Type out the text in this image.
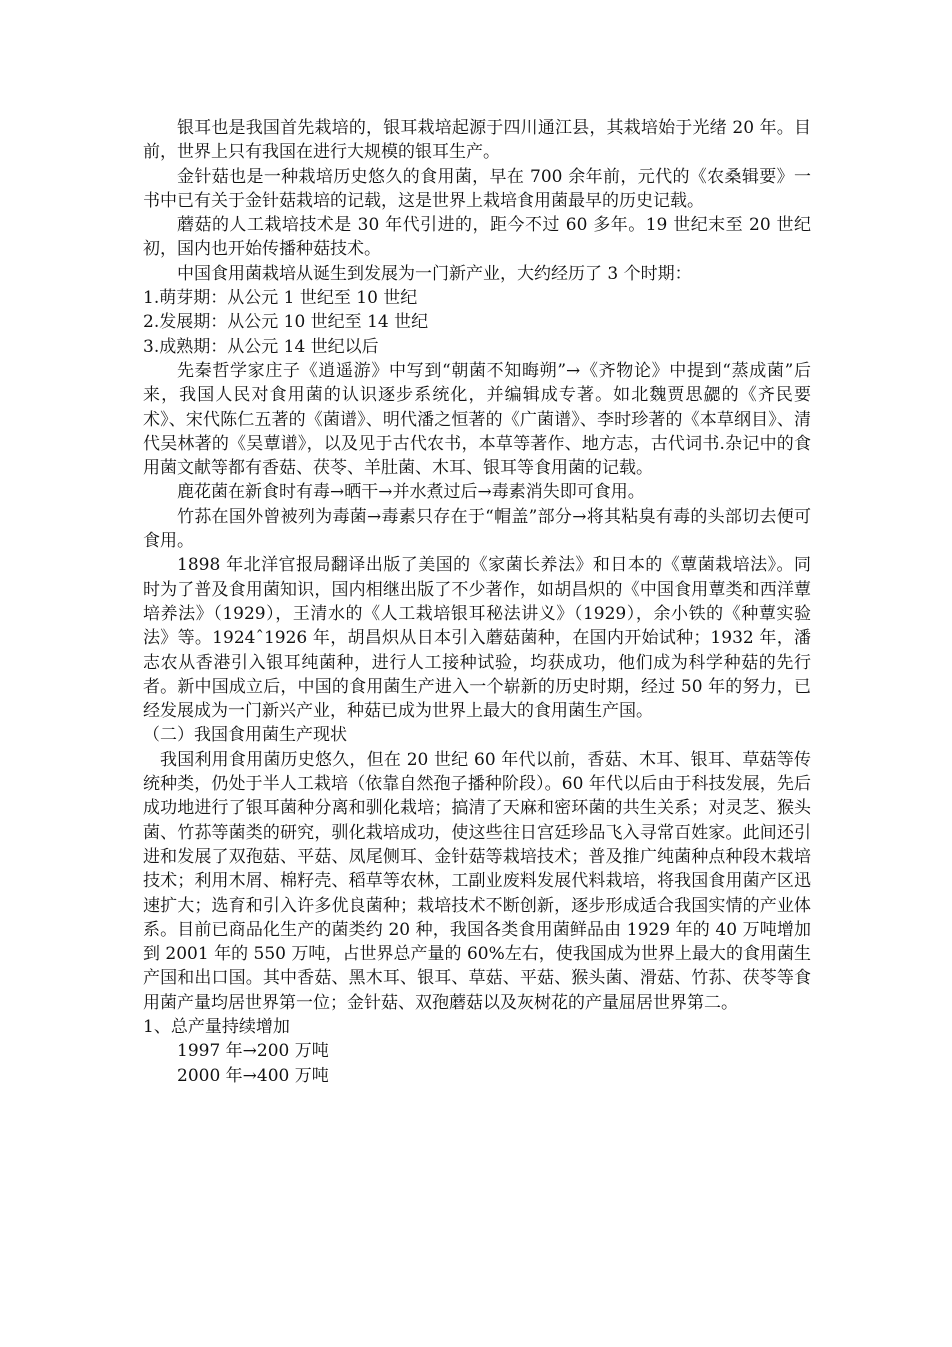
银耳也是我国首先栽培的，银耳栽培起源于四川通江县，其栽培始于光绪 20 年。目前，世界上只有我国在进行大规模的银耳生产。

金针菇也是一种栽培历史悠久的食用菌，早在 700 余年前，元代的《农桑辑要》一书中已有关于金针菇栽培的记载，这是世界上栽培食用菌最早的历史记载。

蘑菇的人工栽培技术是 30 年代引进的，距今不过 60 多年。19 世纪末至 20 世纪初，国内也开始传播种菇技术。

中国食用菌栽培从诞生到发展为一门新产业，大约经历了 3 个时期：

1.萌芽期：从公元 1 世纪至 10 世纪

2.发展期：从公元 10 世纪至 14 世纪

3.成熟期：从公元 14 世纪以后

先秦哲学家庄子《逍遥游》中写到“朝菌不知晦朔”→《齐物论》中提到“蒸成菌”后来，我国人民对食用菌的认识逐步系统化，并编辑成专著。如北魏贾思勰的《齐民要术》、宋代陈仁五著的《菌谱》、明代潘之恒著的《广菌谱》、李时珍著的《本草纲目》、清代吴林著的《吴蕈谱》，以及见于古代农书，本草等著作、地方志，古代词书.杂记中的食用菌文献等都有香菇、茯苓、羊肚菌、木耳、银耳等食用菌的记载。

鹿花菌在新食时有毒→晒干→并水煮过后→毒素消失即可食用。

竹荪在国外曾被列为毒菌→毒素只存在于“帽盖”部分→将其粘臭有毒的头部切去便可食用。

1898 年北洋官报局翻译出版了美国的《家菌长养法》和日本的《蕈菌栽培法》。同时为了普及食用菌知识，国内相继出版了不少著作，如胡昌炽的《中国食用蕈类和西洋蕈培养法》（1929），王清水的《人工栽培银耳秘法讲义》（1929），余小铁的《种蕈实验法》等。1924ˆ1926 年，胡昌炽从日本引入蘑菇菌种，在国内开始试种；1932 年，潘志农从香港引入银耳纯菌种，进行人工接种试验，均获成功，他们成为科学种菇的先行者。新中国成立后，中国的食用菌生产进入一个崭新的历史时期，经过 50 年的努力，已经发展成为一门新兴产业，种菇已成为世界上最大的食用菌生产国。

（二）我国食用菌生产现状

我国利用食用菌历史悠久，但在 20 世纪 60 年代以前，香菇、木耳、银耳、草菇等传统种类，仍处于半人工栽培（依靠自然孢子播种阶段）。60 年代以后由于科技发展，先后成功地进行了银耳菌种分离和驯化栽培；搞清了天麻和密环菌的共生关系；对灵芝、猴头菌、竹荪等菌类的研究，驯化栽培成功，使这些往日宫廷珍品飞入寻常百姓家。此间还引进和发展了双孢菇、平菇、凤尾侧耳、金针菇等栽培技术；普及推广纯菌种点种段木栽培技术；利用木屑、棉籽壳、稻草等农林，工副业废料发展代料栽培，将我国食用菌产区迅速扩大；选育和引入许多优良菌种；栽培技术不断创新，逐步形成适合我国实情的产业体系。目前已商品化生产的菌类约 20 种，我国各类食用菌鲜品由 1929 年的 40 万吨增加到 2001 年的 550 万吨，占世界总产量的 60%左右，使我国成为世界上最大的食用菌生产国和出口国。其中香菇、黑木耳、银耳、草菇、平菇、猴头菌、滑菇、竹荪、茯苓等食用菌产量均居世界第一位；金针菇、双孢蘑菇以及灰树花的产量屈居世界第二。

1、总产量持续增加

1997 年→200 万吨

2000 年→400 万吨
